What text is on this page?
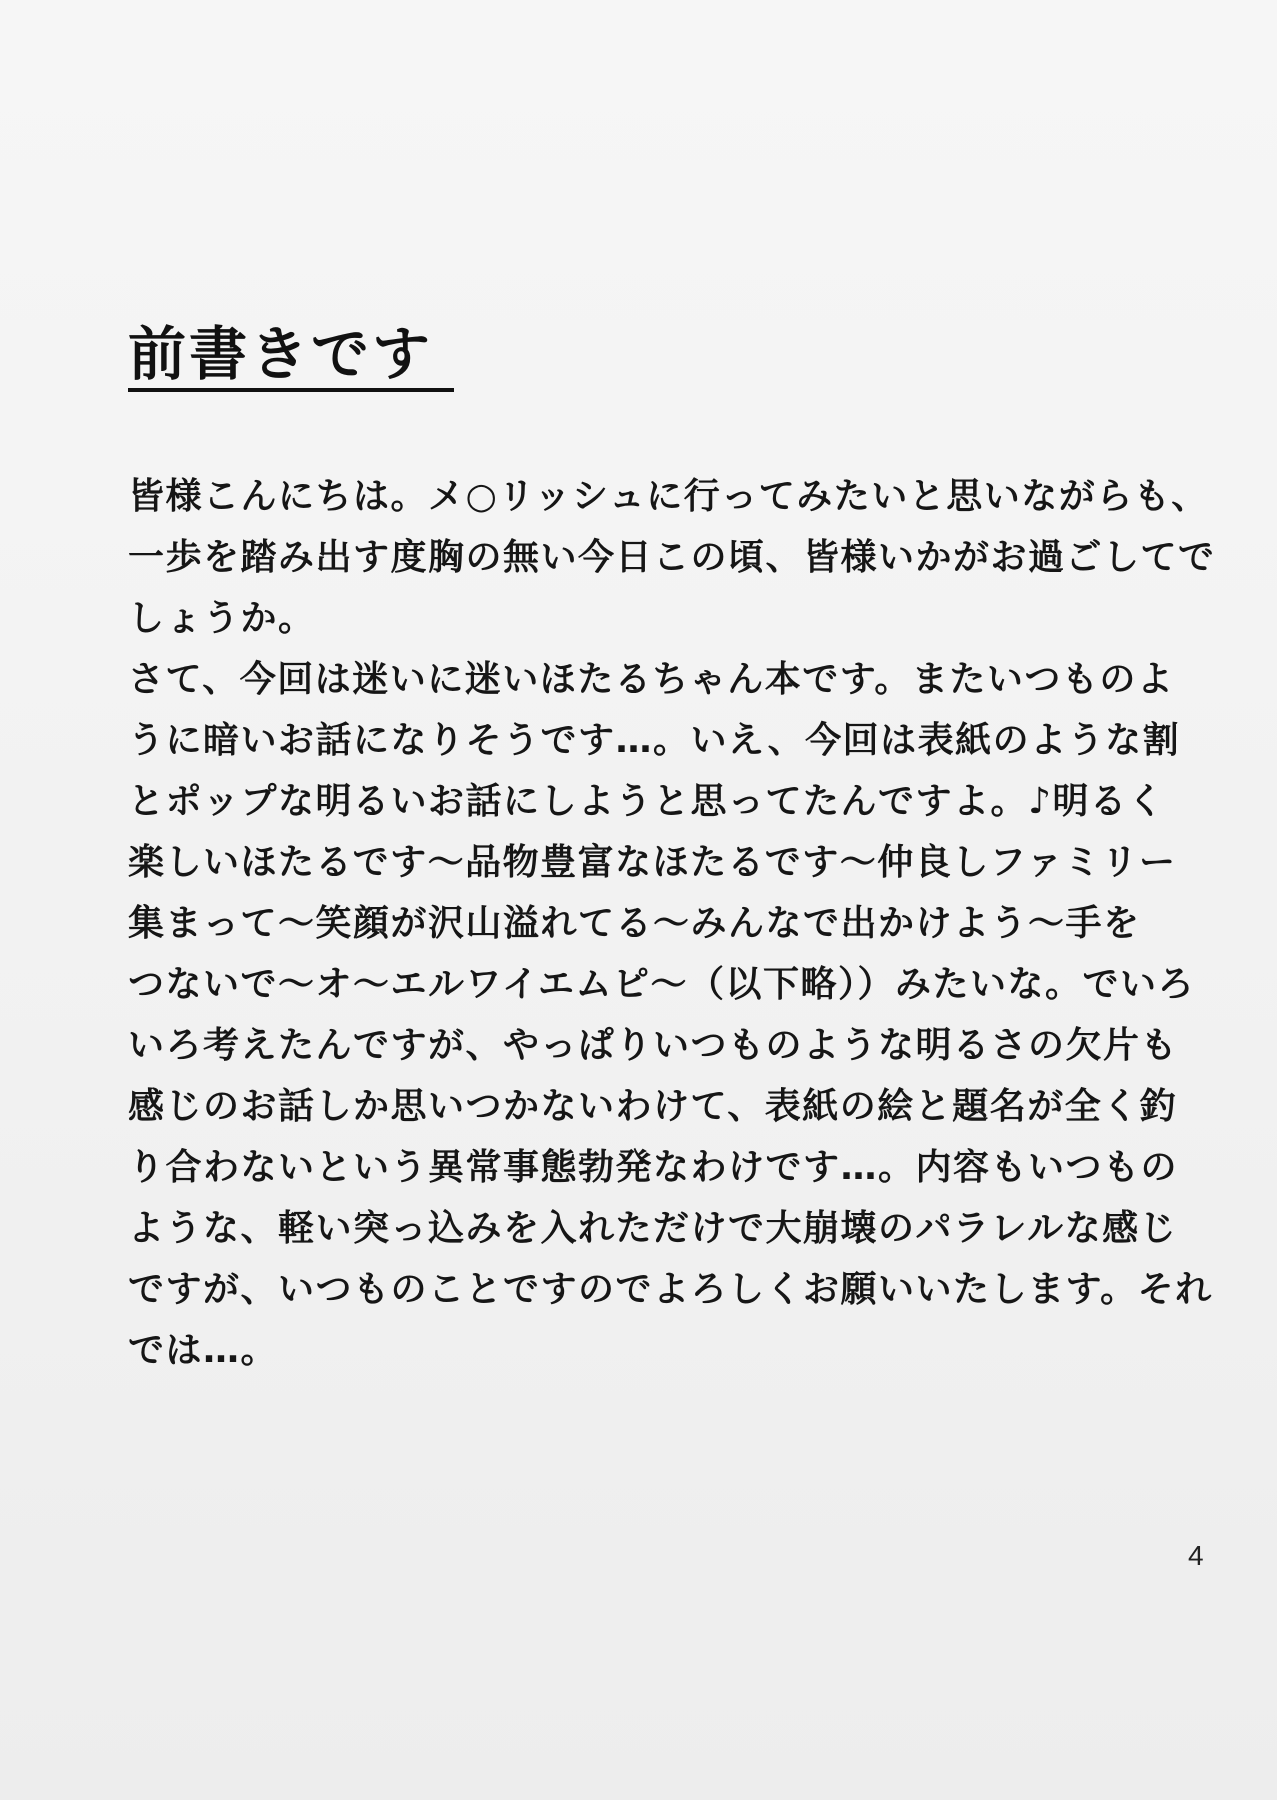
前書きです
皆様こんにちは。メ○リッシュに行ってみたいと思いながらも、
一歩を踏み出す度胸の無い今日この頃、皆様いかがお過ごしてで
しょうか。
さて、今回は迷いに迷いほたるちゃん本です。またいつものよ
うに暗いお話になりそうです…。いえ、今回は表紙のような割
とポップな明るいお話にしようと思ってたんですよ。♪明るく
楽しいほたるです～品物豊富なほたるです～仲良しファミリー
集まって～笑顔が沢山溢れてる～みんなで出かけよう～手を
つないで～オ～エルワイエムピ～（以下略））みたいな。でいろ
いろ考えたんですが、やっぱりいつものような明るさの欠片も
感じのお話しか思いつかないわけて、表紙の絵と題名が全く釣
り合わないという異常事態勃発なわけです…。内容もいつもの
ような、軽い突っ込みを入れただけで大崩壊のパラレルな感じ
ですが、いつものことですのでよろしくお願いいたします。それ
では…。
4
